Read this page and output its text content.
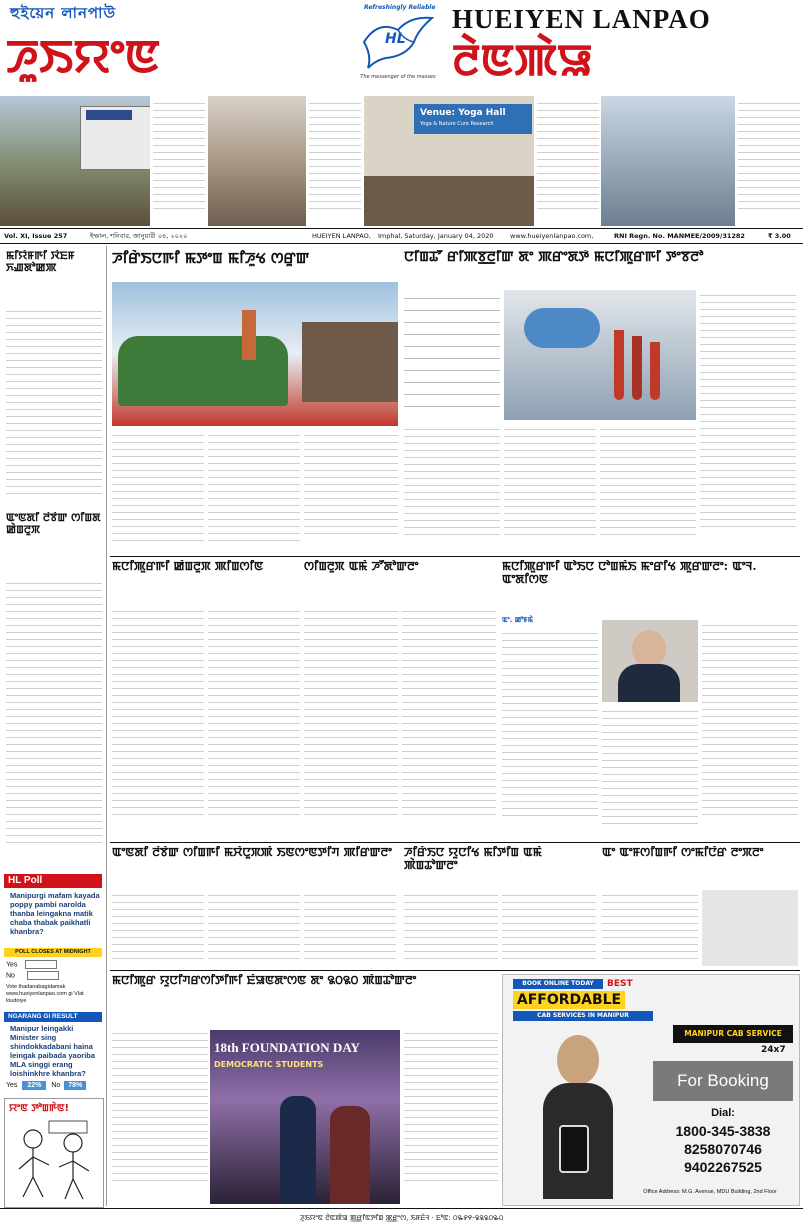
হুইয়েন লানপাউ
ꯍꯨꯏꯌꯦꯟ
Refreshingly Reliable
HL
The messenger of the masses
HUEIYEN LANPAO
ꯂꯥꯟꯄꯥꯎ
Venue: Yoga Hall
Yoga & Nature Cure Research
Vol. XI, Issue 257	ইম্ফাল, শনিবার, জানুয়ারী ০৪, ২০২০	HUEIYEN LANPAO, Imphal, Saturday, January 04, 2020	www.hueiyenlanpao.com,	RNI Regn. No. MANMEE/2009/31282	₹ 3.00
ꯃꯤꯌꯥꯝꯒꯤ ꯋꯥꯐꯝ ꯈꯉꯗꯣꯀꯄ
ꯑꯦꯟꯗꯤ ꯂꯩꯕꯥꯛ ꯁꯤꯡꯗ ꯀꯥꯡꯂꯨꯞ
HL Poll
Manipurgi mafam kayada poppy pambi narolda thanba leingakna matik chaba thabak paikhatli khanbra?
POLL CLOSES AT MIDNIGHT
Yes
No
Vote thadanabagidamak www.hueiyenlanpao.com gi Vlat loudoiye
NGARANG GI RESULT
Manipur leingakki Minister sing shindokkadabani haina leingak paibada yaoriba MLA singgi erang loishinkhre khanbra?
Yes 22% No 78%
ꯌꯦꯟ ꯇꯣꯡꯒꯥꯟ!
ꯍꯤꯔꯥꯏꯅꯒꯤ ꯃꯇꯦꯡ ꯃꯤꯍꯨꯠ ꯁꯔꯨꯛ	ꯅꯤꯡꯊꯧ ꯔꯤꯄꯕ꯭ꯂꯤꯛ ꯗꯦ ꯄꯔꯦꯗꯇꯥ ꯃꯅꯤꯄꯨꯔꯒꯤ ꯇꯦꯕꯂꯣ
ꯃꯅꯤꯄꯨꯔꯒꯤ ꯀꯥꯡꯂꯨꯞ ꯄꯤꯡꯁꯤꯟ	ꯁꯤꯡꯂꯨꯞ ꯑꯃꯥ ꯍꯧꯗꯣꯛꯂꯦ	ꯃꯅꯤꯄꯨꯔꯒꯤ ꯑꯣꯏꯅ ꯅꯣꯡꯃꯥꯏ ꯃꯦꯔꯤꯠ ꯄꯨꯔꯛꯂꯦ: ꯑꯦꯜ. ꯑꯦꯗꯤꯁꯟ
ꯑꯦ. ꯀꯣꯝꯃꯥ
ꯑꯦꯟꯗꯤ ꯂꯩꯕꯥꯛ ꯁꯤꯡꯒꯤ ꯃꯆꯥꯅꯨꯞꯄꯥ ꯏꯟꯁꯦꯟꯇꯤꯚ ꯄꯤꯔꯛꯂꯦ	ꯍꯤꯔꯥꯏꯅ ꯌꯨꯅꯤꯠ ꯃꯤꯇꯤꯡ ꯑꯃꯥ ꯄꯥꯡꯊꯣꯛꯂꯦ
ꯑꯦ ꯑꯦꯝꯁꯤꯡꯒꯤ ꯁꯦꯃꯤꯅꯥꯔ ꯂꯦꯞꯂꯦ
ꯃꯅꯤꯄꯨꯔ ꯌꯨꯅꯤꯚꯔꯁꯤꯇꯤꯒꯤ ꯐꯥꯎꯟꯗꯦꯁꯟ ꯗꯦ ꯲꯰꯲꯰ ꯄꯥꯡꯊꯣꯛꯂꯦ
18th FOUNDATION DAY
DEMOCRATIC STUDENTS
BOOK ONLINE TODAY	BEST
AFFORDABLE
CAB SERVICES IN MANIPUR
MANIPUR CAB SERVICE
24x7
For Booking
Dial:
1800-345-3838
8258070746
9402267525
Office Address: M.G. Avenue, MDU Building, 2nd Floor
ꯍꯨꯏꯌꯦꯟ ꯂꯥꯟꯄꯥꯎ ꯄ꯭ꯔꯤꯟꯇꯤꯡ ꯄ꯭ꯔꯦꯁ, ꯏꯝꯐꯥꯜ · ꯐꯣꯟ: ꯰꯳꯸꯵-꯲꯲꯲꯰꯳꯰
